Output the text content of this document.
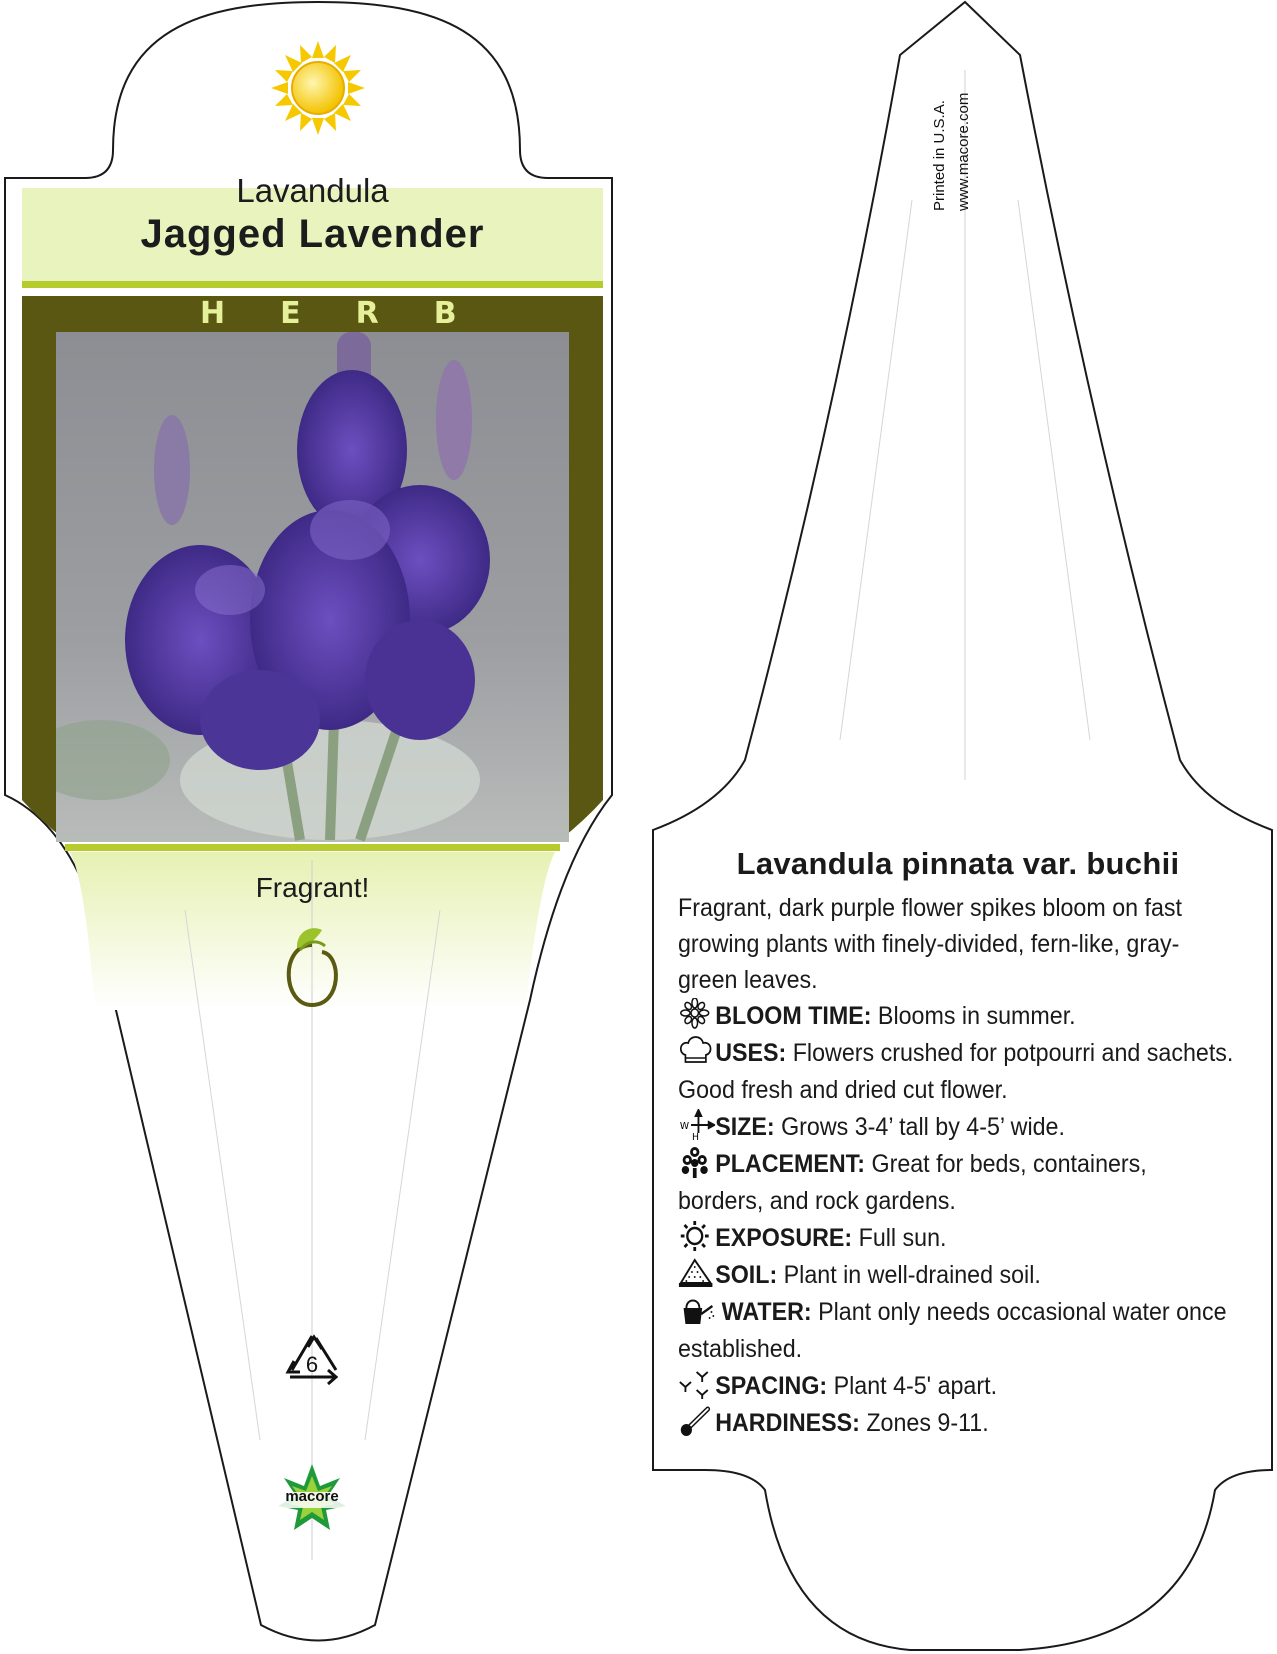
Lavandula
Jagged Lavender
HERB
Fragrant!
6
macore
Printed in U.S.A. www.macore.com
Lavandula pinnata var. buchii

Fragrant, dark purple flower spikes bloom on fast growing plants with finely-divided, fern-like, gray-green leaves.

BLOOM TIME: Blooms in summer.
USES: Flowers crushed for potpourri and sachets. Good fresh and dried cut flower.
W
H SIZE: Grows 3-4’ tall by 4-5’ wide.
PLACEMENT: Great for beds, containers, borders, and rock gardens.
EXPOSURE: Full sun.
SOIL: Plant in well-drained soil.
WATER: Plant only needs occasional water once established.
SPACING: Plant 4-5' apart.
HARDINESS: Zones 9-11.
